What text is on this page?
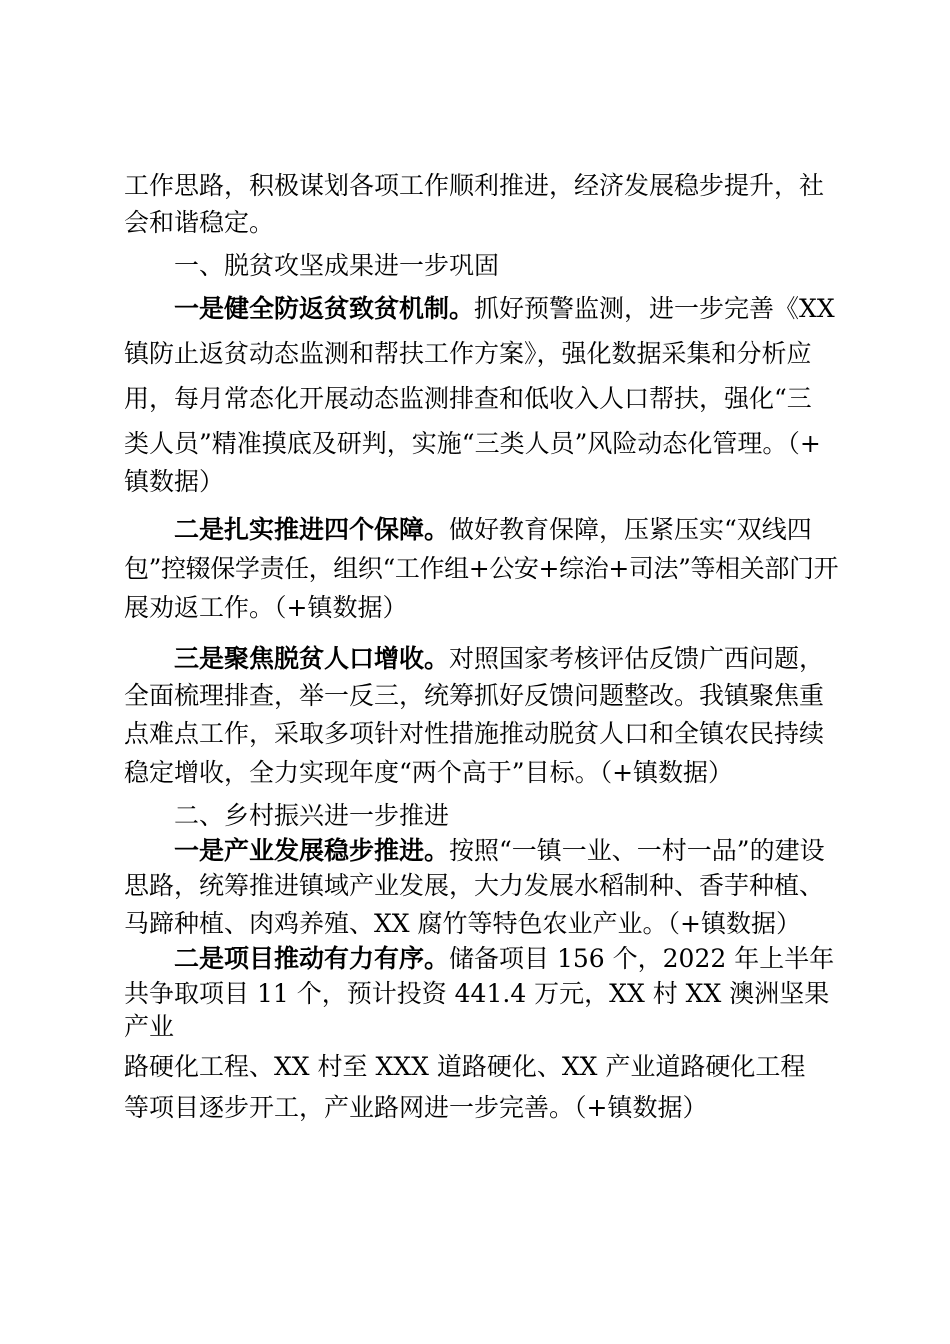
工作思路，积极谋划各项工作顺利推进，经济发展稳步提升，社
会和谐稳定。
一、脱贫攻坚成果进一步巩固
一是健全防返贫致贫机制。抓好预警监测，进一步完善《XX
镇防止返贫动态监测和帮扶工作方案》，强化数据采集和分析应
用，每月常态化开展动态监测排查和低收入人口帮扶，强化“三
类人员”精准摸底及研判，实施“三类人员”风险动态化管理。（+
镇数据）
二是扎实推进四个保障。做好教育保障，压紧压实“双线四
包”控辍保学责任，组织“工作组+公安+综治+司法”等相关部门开
展劝返工作。（+镇数据）
三是聚焦脱贫人口增收。对照国家考核评估反馈广西问题，
全面梳理排查，举一反三，统筹抓好反馈问题整改。我镇聚焦重
点难点工作，采取多项针对性措施推动脱贫人口和全镇农民持续
稳定增收，全力实现年度“两个高于”目标。（+镇数据）
二、乡村振兴进一步推进
一是产业发展稳步推进。按照“一镇一业、一村一品”的建设
思路，统筹推进镇域产业发展，大力发展水稻制种、香芋种植、
马蹄种植、肉鸡养殖、XX 腐竹等特色农业产业。（+镇数据）
二是项目推动有力有序。储备项目 156 个，2022 年上半年
共争取项目 11 个，预计投资 441.4 万元，XX 村 XX 澳洲坚果
产业
路硬化工程、XX 村至 XXX 道路硬化、XX 产业道路硬化工程
等项目逐步开工，产业路网进一步完善。（+镇数据）
